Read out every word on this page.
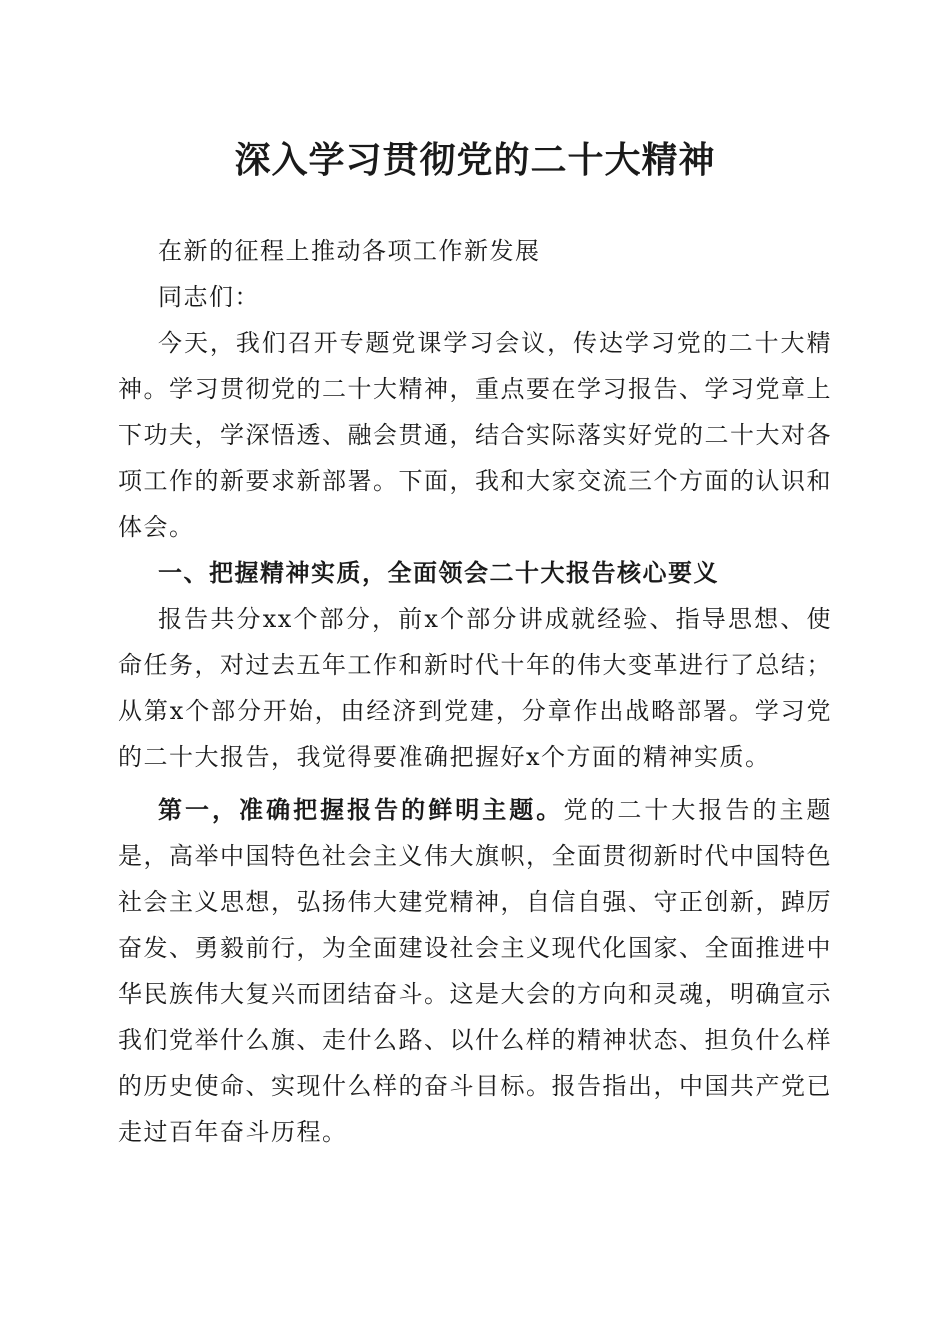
深入学习贯彻党的二十大精神

在新的征程上推动各项工作新发展

同志们：

今天，我们召开专题党课学习会议，传达学习党的二十大精神。学习贯彻党的二十大精神，重点要在学习报告、学习党章上下功夫，学深悟透、融会贯通，结合实际落实好党的二十大对各项工作的新要求新部署。下面，我和大家交流三个方面的认识和体会。

一、把握精神实质，全面领会二十大报告核心要义

报告共分xx个部分，前x个部分讲成就经验、指导思想、使命任务，对过去五年工作和新时代十年的伟大变革进行了总结；从第x个部分开始，由经济到党建，分章作出战略部署。学习党的二十大报告，我觉得要准确把握好x个方面的精神实质。

第一，准确把握报告的鲜明主题。党的二十大报告的主题是，高举中国特色社会主义伟大旗帜，全面贯彻新时代中国特色社会主义思想，弘扬伟大建党精神，自信自强、守正创新，踔厉奋发、勇毅前行，为全面建设社会主义现代化国家、全面推进中华民族伟大复兴而团结奋斗。这是大会的方向和灵魂，明确宣示我们党举什么旗、走什么路、以什么样的精神状态、担负什么样的历史使命、实现什么样的奋斗目标。报告指出，中国共产党已走过百年奋斗历程。
